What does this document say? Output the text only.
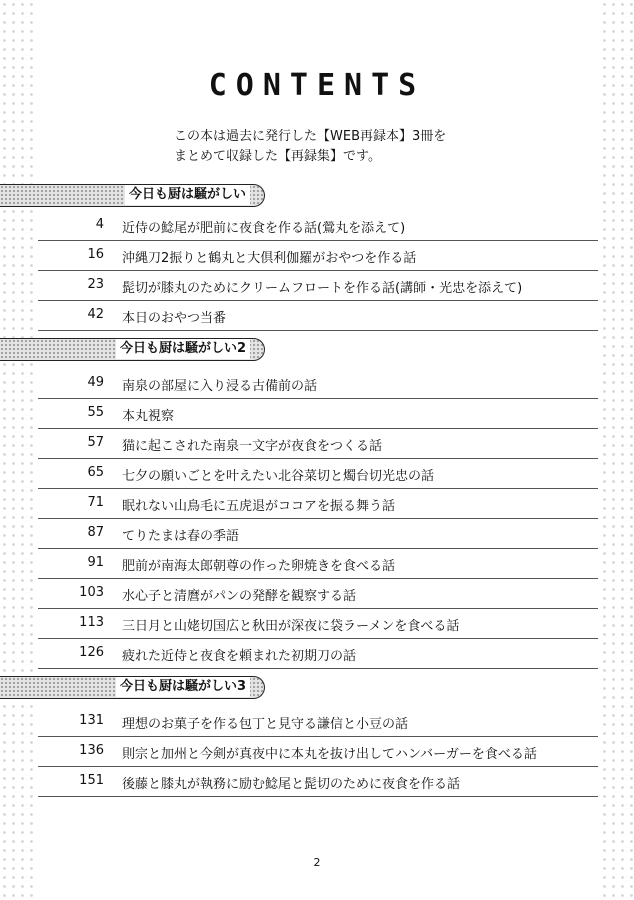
CONTENTS
この本は過去に発行した【WEB再録本】3冊を
まとめて収録した【再録集】です。
今日も厨は騒がしい
4 近侍の鯰尾が肥前に夜食を作る話(鶯丸を添えて)
16 沖縄刀2振りと鶴丸と大倶利伽羅がおやつを作る話
23 髭切が膝丸のためにクリームフロートを作る話(講師・光忠を添えて)
42 本日のおやつ当番
今日も厨は騒がしい2
49 南泉の部屋に入り浸る古備前の話
55 本丸視察
57 猫に起こされた南泉一文字が夜食をつくる話
65 七夕の願いごとを叶えたい北谷菜切と燭台切光忠の話
71 眠れない山鳥毛に五虎退がココアを振る舞う話
87 てりたまは春の季語
91 肥前が南海太郎朝尊の作った卵焼きを食べる話
103 水心子と清麿がパンの発酵を観察する話
113 三日月と山姥切国広と秋田が深夜に袋ラーメンを食べる話
126 疲れた近侍と夜食を頼まれた初期刀の話
今日も厨は騒がしい3
131 理想のお菓子を作る包丁と見守る謙信と小豆の話
136 則宗と加州と今剣が真夜中に本丸を抜け出してハンバーガーを食べる話
151 後藤と膝丸が執務に励む鯰尾と髭切のために夜食を作る話
2
